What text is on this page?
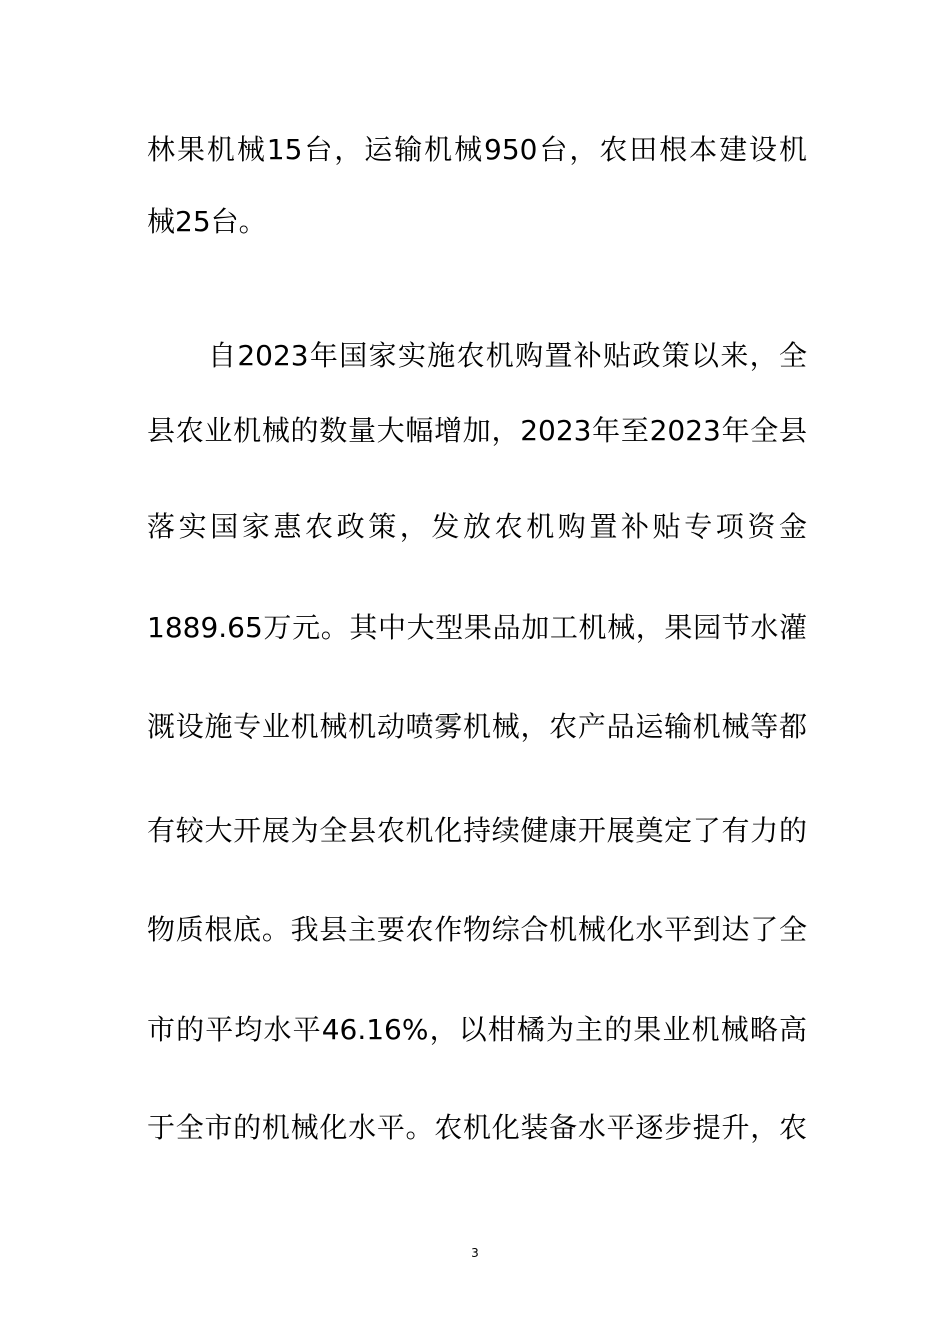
林果机械15台，运输机械950台，农田根本建设机
械25台。
自2023年国家实施农机购置补贴政策以来，全
县农业机械的数量大幅增加，2023年至2023年全县
落实国家惠农政策，发放农机购置补贴专项资金
1889.65万元。其中大型果品加工机械，果园节水灌
溉设施专业机械机动喷雾机械，农产品运输机械等都
有较大开展为全县农机化持续健康开展奠定了有力的
物质根底。我县主要农作物综合机械化水平到达了全
市的平均水平46.16%，以柑橘为主的果业机械略高
于全市的机械化水平。农机化装备水平逐步提升，农
3
